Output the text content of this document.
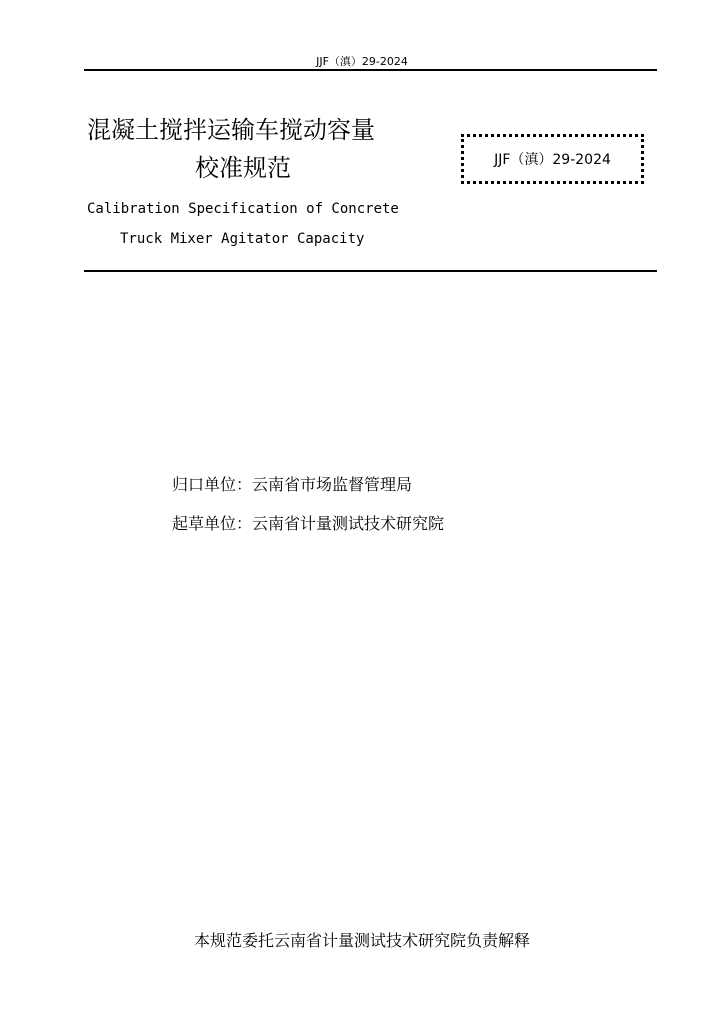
JJF（滇）29-2024
混凝土搅拌运输车搅动容量
校准规范	JJF（滇）29-2024
Calibration Specification of Concrete
Truck Mixer Agitator Capacity
归口单位：云南省市场监督管理局
起草单位：云南省计量测试技术研究院
本规范委托云南省计量测试技术研究院负责解释
